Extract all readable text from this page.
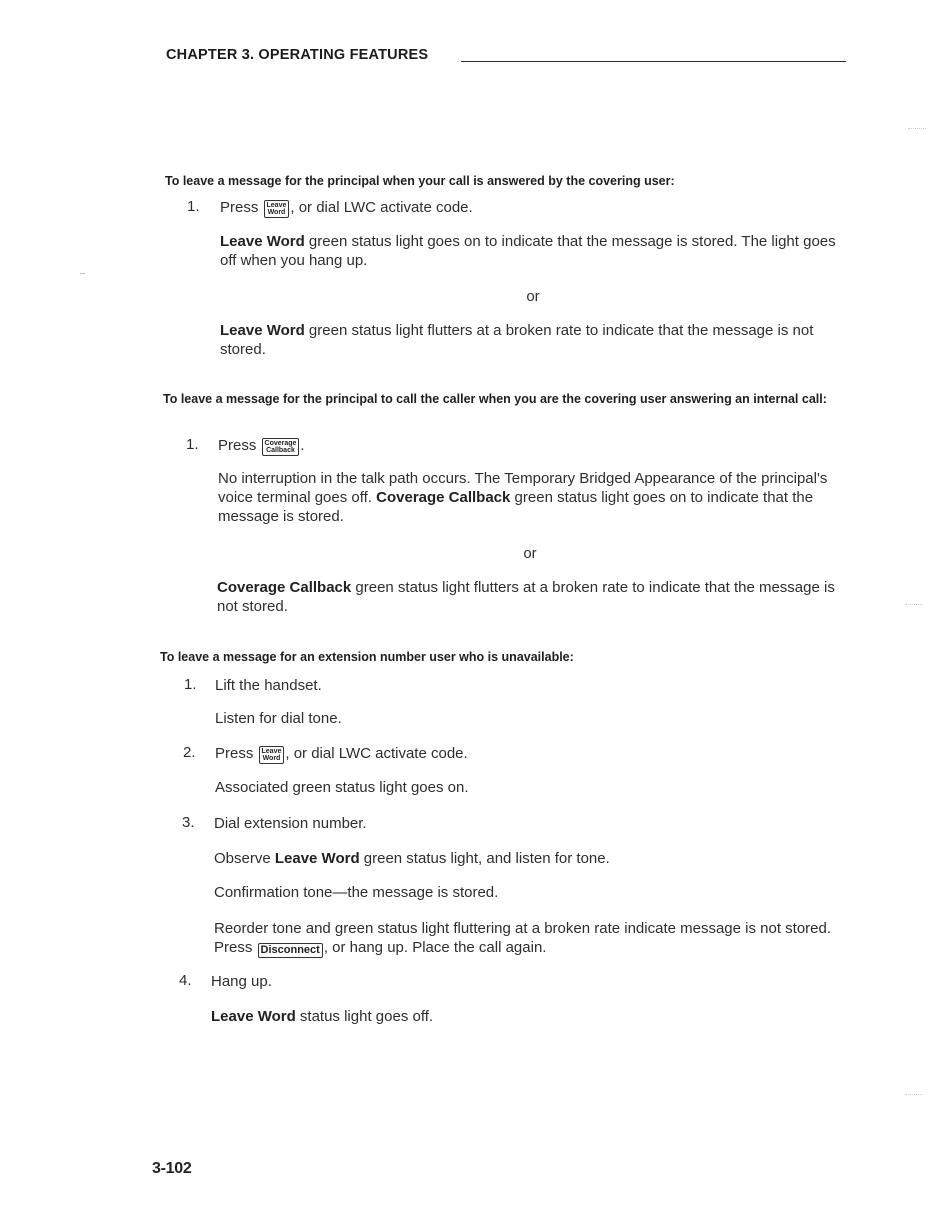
CHAPTER 3. OPERATING FEATURES
To leave a message for the principal when your call is answered by the covering user:
1. Press Leave
Word , or dial LWC activate code.
Leave Word green status light goes on to indicate that the message is stored. The light goes off when you hang up.
or
Leave Word green status light flutters at a broken rate to indicate that the message is not stored.
To leave a message for the principal to call the caller when you are the covering user answering an internal call:
1. Press Coverage
Callback .
No interruption in the talk path occurs. The Temporary Bridged Appearance of the principal's voice terminal goes off. Coverage Callback green status light goes on to indicate that the message is stored.
or
Coverage Callback green status light flutters at a broken rate to indicate that the message is not stored.
To leave a message for an extension number user who is unavailable:
1. Lift the handset.
Listen for dial tone.
2. Press Leave
Word , or dial LWC activate code.
Associated green status light goes on.
3. Dial extension number.
Observe Leave Word green status light, and listen for tone.
Confirmation tone—the message is stored.
Reorder tone and green status light fluttering at a broken rate indicate message is not stored. Press Disconnect , or hang up. Place the call again.
4. Hang up.
Leave Word status light goes off.
3-102
